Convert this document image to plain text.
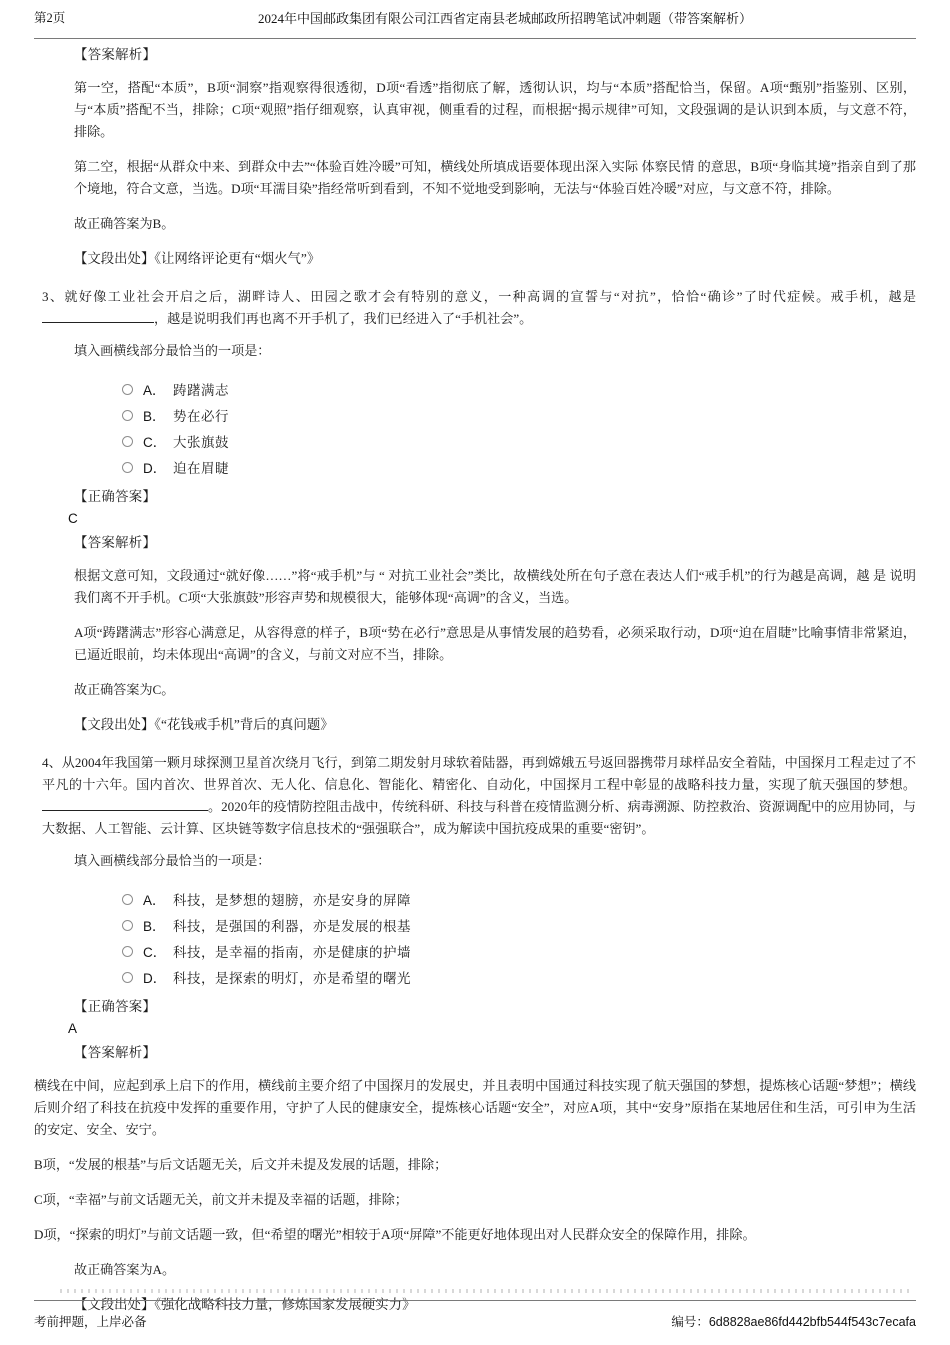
第2页	2024年中国邮政集团有限公司江西省定南县老城邮政所招聘笔试冲刺题（带答案解析）
【答案解析】

第一空，搭配“本质”，B项“洞察”指观察得很透彻，D项“看透”指彻底了解，透彻认识，均与“本质”搭配恰当，保留。A项“甄别”指鉴别、区别，与“本质”搭配不当，排除；C项“观照”指仔细观察，认真审视，侧重看的过程，而根据“揭示规律”可知，文段强调的是认识到本质，与文意不符，排除。

第二空，根据“从群众中来、到群众中去”“体验百姓冷暖”可知，横线处所填成语要体现出深入实际 体察民情 的意思，B项“身临其境”指亲自到了那个境地，符合文意，当选。D项“耳濡目染”指经常听到看到，不知不觉地受到影响，无法与“体验百姓冷暖”对应，与文意不符，排除。

故正确答案为B。

【文段出处】《让网络评论更有“烟火气”》

3、就好像工业社会开启之后，湖畔诗人、田园之歌才会有特别的意义，一种高调的宣誓与“对抗”，恰恰“确诊”了时代症候。戒手机，越是，越是说明我们再也离不开手机了，我们已经进入了“手机社会”。

填入画横线部分最恰当的一项是：

A． 踌躇满志
B． 势在必行
C． 大张旗鼓
D． 迫在眉睫
【正确答案】
C
【答案解析】

根据文意可知，文段通过“就好像……”将“戒手机”与 “ 对抗工业社会”类比，故横线处所在句子意在表达人们“戒手机”的行为越是高调，越 是 说明我们离不开手机。C项“大张旗鼓”形容声势和规模很大，能够体现“高调”的含义，当选。

A项“踌躇满志”形容心满意足，从容得意的样子，B项“势在必行”意思是从事情发展的趋势看，必须采取行动，D项“迫在眉睫”比喻事情非常紧迫，已逼近眼前，均未体现出“高调”的含义，与前文对应不当，排除。

故正确答案为C。

【文段出处】《“花钱戒手机”背后的真问题》

4、从2004年我国第一颗月球探测卫星首次绕月飞行，到第二期发射月球软着陆器，再到嫦娥五号返回器携带月球样品安全着陆，中国探月工程走过了不平凡的十六年。国内首次、世界首次、无人化、信息化、智能化、精密化、自动化，中国探月工程中彰显的战略科技力量，实现了航天强国的梦想。。2020年的疫情防控阻击战中，传统科研、科技与科普在疫情监测分析、病毒溯源、防控救治、资源调配中的应用协同，与大数据、人工智能、云计算、区块链等数字信息技术的“强强联合”，成为解读中国抗疫成果的重要“密钥”。

填入画横线部分最恰当的一项是：

A． 科技，是梦想的翅膀，亦是安身的屏障
B． 科技，是强国的利器，亦是发展的根基
C． 科技，是幸福的指南，亦是健康的护墙
D． 科技，是探索的明灯，亦是希望的曙光
【正确答案】
A
【答案解析】

横线在中间，应起到承上启下的作用，横线前主要介绍了中国探月的发展史，并且表明中国通过科技实现了航天强国的梦想，提炼核心话题“梦想”；横线后则介绍了科技在抗疫中发挥的重要作用，守护了人民的健康安全，提炼核心话题“安全”，对应A项，其中“安身”原指在某地居住和生活，可引申为生活的安定、安全、安宁。

B项，“发展的根基”与后文话题无关，后文并未提及发展的话题，排除；

C项，“幸福”与前文话题无关，前文并未提及幸福的话题，排除；

D项，“探索的明灯”与前文话题一致，但“希望的曙光”相较于A项“屏障”不能更好地体现出对人民群众安全的保障作用，排除。

故正确答案为A。

【文段出处】《强化战略科技力量，修炼国家发展硬实力》

考前押题，上岸必备	编号：6d8828ae86fd442bfb544f543c7ecafa
